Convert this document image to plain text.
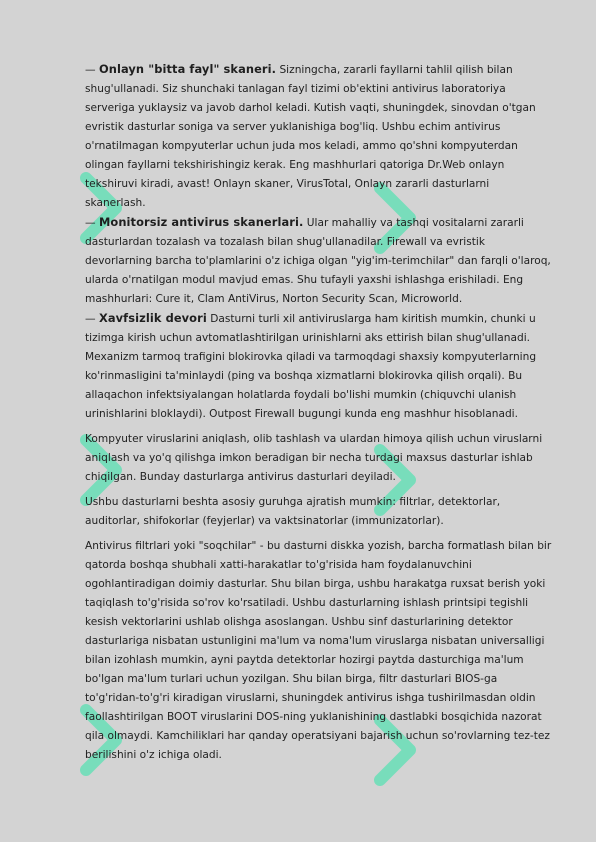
— Onlayn "bitta fayl" skaneri. Sizningcha, zararli fayllarni tahlil qilish bilan shug'ullanadi. Siz shunchaki tanlagan fayl tizimi ob'ektini antivirus laboratoriya serveriga yuklaysiz va javob darhol keladi. Kutish vaqti, shuningdek, sinovdan o'tgan evristik dasturlar soniga va server yuklanishiga bog'liq. Ushbu echim antivirus o'rnatilmagan kompyuterlar uchun juda mos keladi, ammo qo'shni kompyuterdan olingan fayllarni tekshirishingiz kerak. Eng mashhurlari qatoriga Dr.Web onlayn tekshiruvi kiradi, avast! Onlayn skaner, VirusTotal, Onlayn zararli dasturlarni skanerlash.

— Monitorsiz antivirus skanerlari. Ular mahalliy va tashqi vositalarni zararli dasturlardan tozalash va tozalash bilan shug'ullanadilar. Firewall va evristik devorlarning barcha to'plamlarini o'z ichiga olgan "yig'im-terimchilar" dan farqli o'laroq, ularda o'rnatilgan modul mavjud emas. Shu tufayli yaxshi ishlashga erishiladi. Eng mashhurlari: Cure it, Clam AntiVirus, Norton Security Scan, Microworld.

— Xavfsizlik devori Dasturni turli xil antiviruslarga ham kiritish mumkin, chunki u tizimga kirish uchun avtomatlashtirilgan urinishlarni aks ettirish bilan shug'ullanadi. Mexanizm tarmoq trafigini blokirovka qiladi va tarmoqdagi shaxsiy kompyuterlarning ko'rinmasligini ta'minlaydi (ping va boshqa xizmatlarni blokirovka qilish orqali). Bu allaqachon infektsiyalangan holatlarda foydali bo'lishi mumkin (chiquvchi ulanish urinishlarini bloklaydi). Outpost Firewall bugungi kunda eng mashhur hisoblanadi.

Kompyuter viruslarini aniqlash, olib tashlash va ulardan himoya qilish uchun viruslarni aniqlash va yo'q qilishga imkon beradigan bir necha turdagi maxsus dasturlar ishlab chiqilgan. Bunday dasturlarga antivirus dasturlari deyiladi.

Ushbu dasturlarni beshta asosiy guruhga ajratish mumkin: filtrlar, detektorlar, auditorlar, shifokorlar (feyjerlar) va vaktsinatorlar (immunizatorlar).

Antivirus filtrlari yoki "soqchilar" - bu dasturni diskka yozish, barcha formatlash bilan bir qatorda boshqa shubhali xatti-harakatlar to'g'risida ham foydalanuvchini ogohlantiradigan doimiy dasturlar. Shu bilan birga, ushbu harakatga ruxsat berish yoki taqiqlash to'g'risida so'rov ko'rsatiladi. Ushbu dasturlarning ishlash printsipi tegishli kesish vektorlarini ushlab olishga asoslangan. Ushbu sinf dasturlarining detektor dasturlariga nisbatan ustunligini ma'lum va noma'lum viruslarga nisbatan universalligi bilan izohlash mumkin, ayni paytda detektorlar hozirgi paytda dasturchiga ma'lum bo'lgan ma'lum turlari uchun yozilgan. Shu bilan birga, filtr dasturlari BIOS-ga to'g'ridan-to'g'ri kiradigan viruslarni, shuningdek antivirus ishga tushirilmasdan oldin faollashtirilgan BOOT viruslarini DOS-ning yuklanishining dastlabki bosqichida nazorat qila olmaydi. Kamchiliklari har qanday operatsiyani bajarish uchun so'rovlarning tez-tez berilishini o'z ichiga oladi.
